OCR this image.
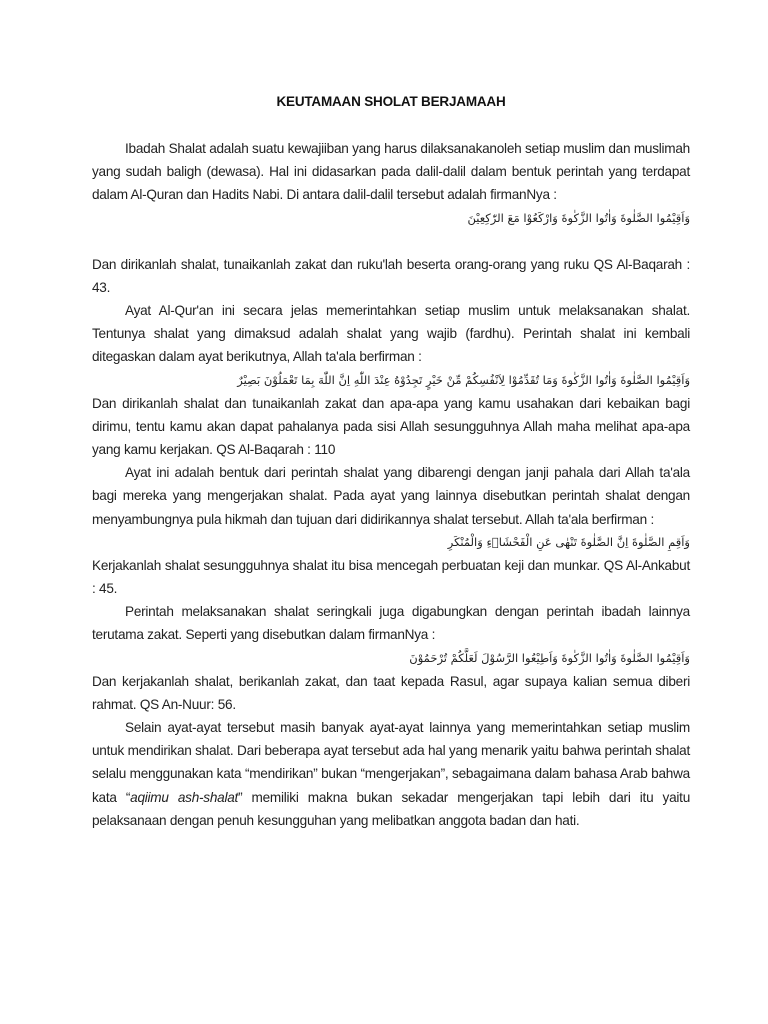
KEUTAMAAN SHOLAT BERJAMAAH

Ibadah Shalat adalah suatu kewajiiban yang harus dilaksanakanoleh setiap muslim dan muslimah yang sudah baligh (dewasa). Hal ini didasarkan pada dalil-dalil dalam bentuk perintah yang terdapat dalam Al-Quran dan Hadits Nabi. Di antara dalil-dalil tersebut adalah firmanNya :

وَاَقِيْمُوا الصَّلٰوةَ وَاٰتُوا الزَّكٰوةَ وَارْكَعُوْا مَعَ الرّٰكِعِيْنَ

Dan dirikanlah shalat, tunaikanlah zakat dan ruku'lah beserta orang-orang yang ruku QS Al-Baqarah : 43.

Ayat Al-Qur'an ini secara jelas memerintahkan setiap muslim untuk melaksanakan shalat. Tentunya shalat yang dimaksud adalah shalat yang wajib (fardhu). Perintah shalat ini kembali ditegaskan dalam ayat berikutnya, Allah ta'ala berfirman :

وَاَقِيْمُوا الصَّلٰوةَ وَاٰتُوا الزَّكٰوةَ وَمَا تُقَدِّمُوْا لِاَنْفُسِكُمْ مِّنْ خَيْرٍ تَجِدُوْهُ عِنْدَ اللّٰهِ اِنَّ اللّٰهَ بِمَا تَعْمَلُوْنَ بَصِيْرٌ

Dan dirikanlah shalat dan tunaikanlah zakat dan apa-apa yang kamu usahakan dari kebaikan bagi dirimu, tentu kamu akan dapat pahalanya pada sisi Allah sesungguhnya Allah maha melihat apa-apa yang kamu kerjakan. QS Al-Baqarah : 110

Ayat ini adalah bentuk dari perintah shalat yang dibarengi dengan janji pahala dari Allah ta'ala bagi mereka yang mengerjakan shalat. Pada ayat yang lainnya disebutkan perintah shalat dengan menyambungnya pula hikmah dan tujuan dari didirikannya shalat tersebut. Allah ta'ala berfirman :

وَاَقِمِ الصَّلٰوةَ اِنَّ الصَّلٰوةَ تَنْهٰى عَنِ الْفَحْشَاۤءِ وَالْمُنْكَرِ

Kerjakanlah shalat sesungguhnya shalat itu bisa mencegah perbuatan keji dan munkar. QS Al-Ankabut : 45.

Perintah melaksanakan shalat seringkali juga digabungkan dengan perintah ibadah lainnya terutama zakat. Seperti yang disebutkan dalam firmanNya :

وَاَقِيْمُوا الصَّلٰوةَ وَاٰتُوا الزَّكٰوةَ وَاَطِيْعُوا الرَّسُوْلَ لَعَلَّكُمْ تُرْحَمُوْنَ

Dan kerjakanlah shalat, berikanlah zakat, dan taat kepada Rasul, agar supaya kalian semua diberi rahmat. QS An-Nuur: 56.

Selain ayat-ayat tersebut masih banyak ayat-ayat lainnya yang memerintahkan setiap muslim untuk mendirikan shalat. Dari beberapa ayat tersebut ada hal yang menarik yaitu bahwa perintah shalat selalu menggunakan kata “mendirikan” bukan “mengerjakan”, sebagaimana dalam bahasa Arab bahwa kata “aqiimu ash-shalat” memiliki makna bukan sekadar mengerjakan tapi lebih dari itu yaitu pelaksanaan dengan penuh kesungguhan yang melibatkan anggota badan dan hati.
